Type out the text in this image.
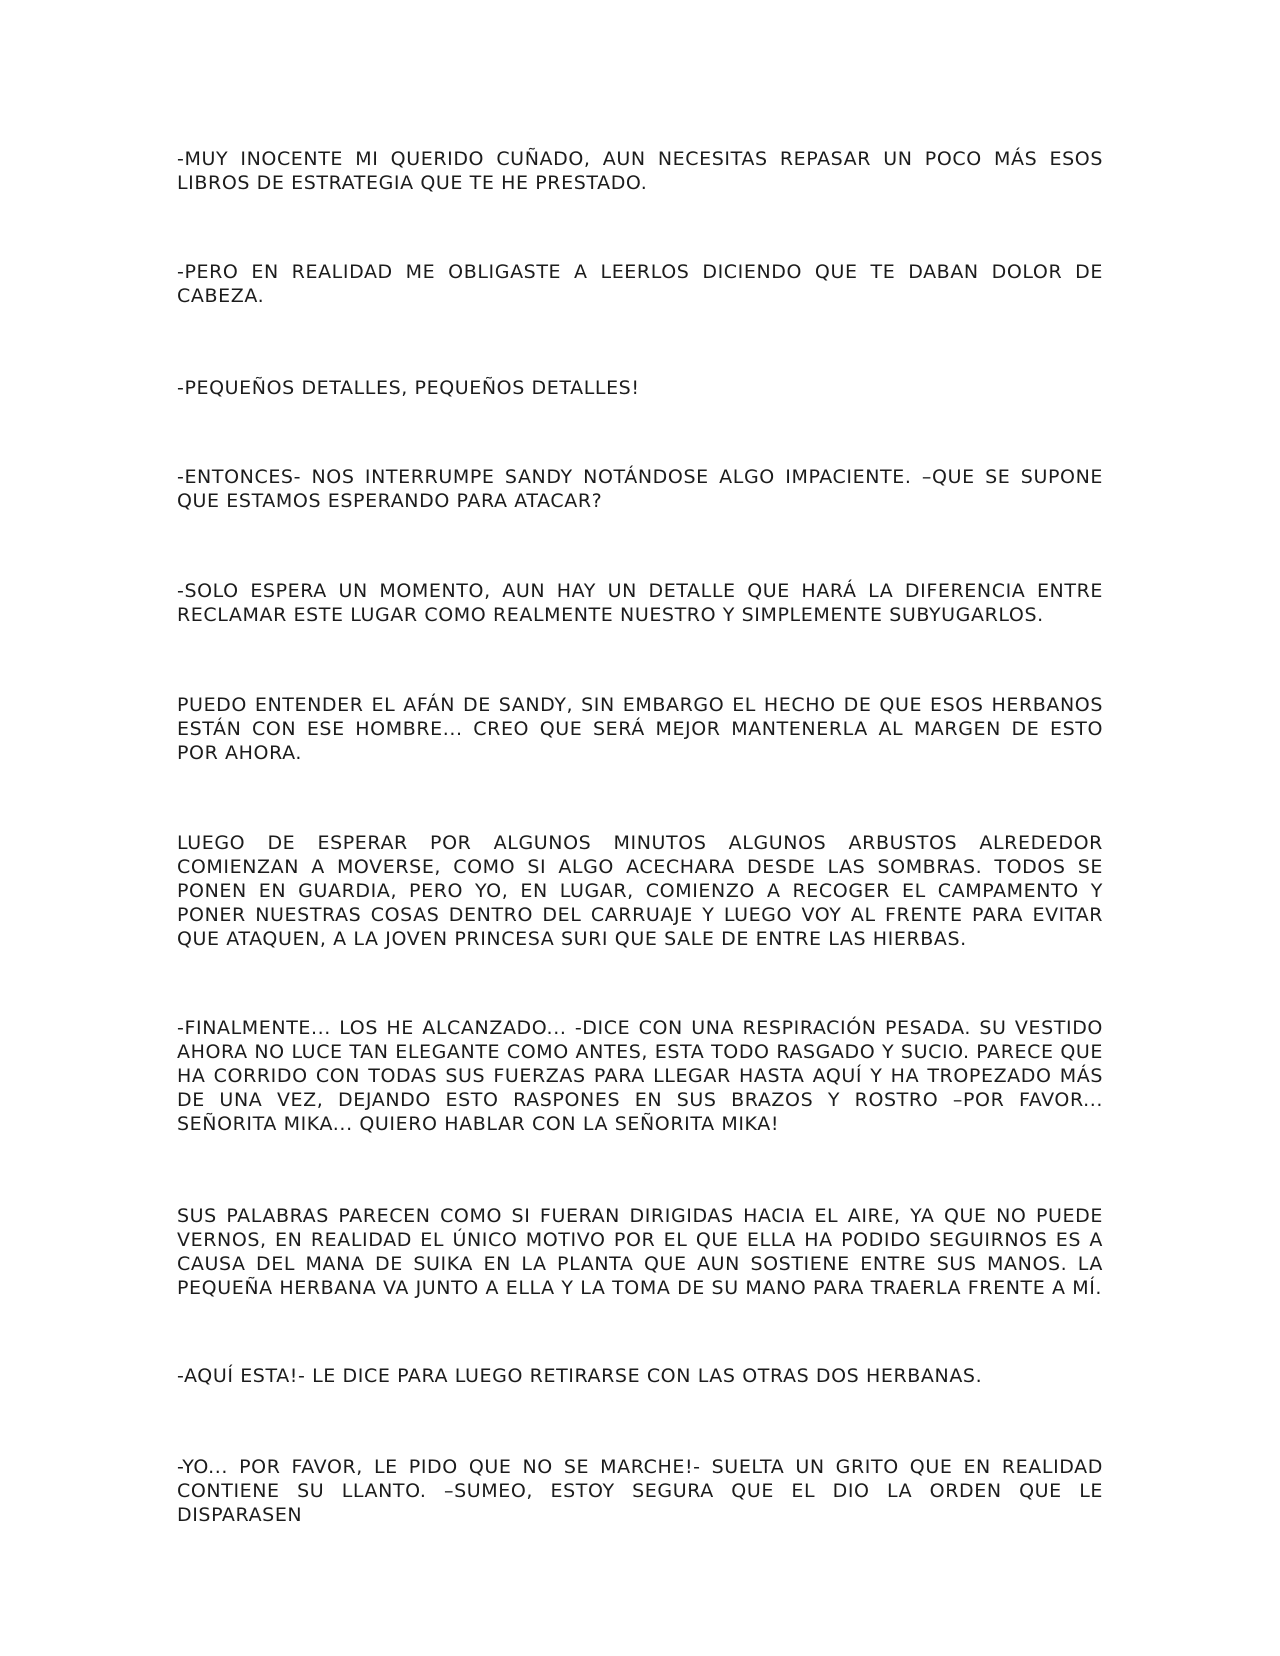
-MUY INOCENTE MI QUERIDO CUÑADO, AUN NECESITAS REPASAR UN POCO MÁS ESOS LIBROS DE ESTRATEGIA QUE TE HE PRESTADO.

-PERO EN REALIDAD ME OBLIGASTE A LEERLOS DICIENDO QUE TE DABAN DOLOR DE CABEZA.

-PEQUEÑOS DETALLES, PEQUEÑOS DETALLES!

-ENTONCES- NOS INTERRUMPE SANDY NOTÁNDOSE ALGO IMPACIENTE. –QUE SE SUPONE QUE ESTAMOS ESPERANDO PARA ATACAR?

-SOLO ESPERA UN MOMENTO, AUN HAY UN DETALLE QUE HARÁ LA DIFERENCIA ENTRE RECLAMAR ESTE LUGAR COMO REALMENTE NUESTRO Y SIMPLEMENTE SUBYUGARLOS.

PUEDO ENTENDER EL AFÁN DE SANDY, SIN EMBARGO EL HECHO DE QUE ESOS HERBANOS ESTÁN CON ESE HOMBRE... CREO QUE SERÁ MEJOR MANTENERLA AL MARGEN DE ESTO POR AHORA.

LUEGO DE ESPERAR POR ALGUNOS MINUTOS ALGUNOS ARBUSTOS ALREDEDOR COMIENZAN A MOVERSE, COMO SI ALGO ACECHARA DESDE LAS SOMBRAS. TODOS SE PONEN EN GUARDIA, PERO YO, EN LUGAR, COMIENZO A RECOGER EL CAMPAMENTO Y PONER NUESTRAS COSAS DENTRO DEL CARRUAJE Y LUEGO VOY AL FRENTE PARA EVITAR QUE ATAQUEN, A LA JOVEN PRINCESA SURI QUE SALE DE ENTRE LAS HIERBAS.

-FINALMENTE... LOS HE ALCANZADO... -DICE CON UNA RESPIRACIÓN PESADA. SU VESTIDO AHORA NO LUCE TAN ELEGANTE COMO ANTES, ESTA TODO RASGADO Y SUCIO. PARECE QUE HA CORRIDO CON TODAS SUS FUERZAS PARA LLEGAR HASTA AQUÍ Y HA TROPEZADO MÁS DE UNA VEZ, DEJANDO ESTO RASPONES EN SUS BRAZOS Y ROSTRO –POR FAVOR... SEÑORITA MIKA... QUIERO HABLAR CON LA SEÑORITA MIKA!

SUS PALABRAS PARECEN COMO SI FUERAN DIRIGIDAS HACIA EL AIRE, YA QUE NO PUEDE VERNOS, EN REALIDAD EL ÚNICO MOTIVO POR EL QUE ELLA HA PODIDO SEGUIRNOS ES A CAUSA DEL MANA DE SUIKA EN LA PLANTA QUE AUN SOSTIENE ENTRE SUS MANOS. LA PEQUEÑA HERBANA VA JUNTO A ELLA Y LA TOMA DE SU MANO PARA TRAERLA FRENTE A MÍ.

-AQUÍ ESTA!- LE DICE PARA LUEGO RETIRARSE CON LAS OTRAS DOS HERBANAS.

-YO... POR FAVOR, LE PIDO QUE NO SE MARCHE!- SUELTA UN GRITO QUE EN REALIDAD CONTIENE SU LLANTO. –SUMEO, ESTOY SEGURA QUE EL DIO LA ORDEN QUE LE DISPARASEN
